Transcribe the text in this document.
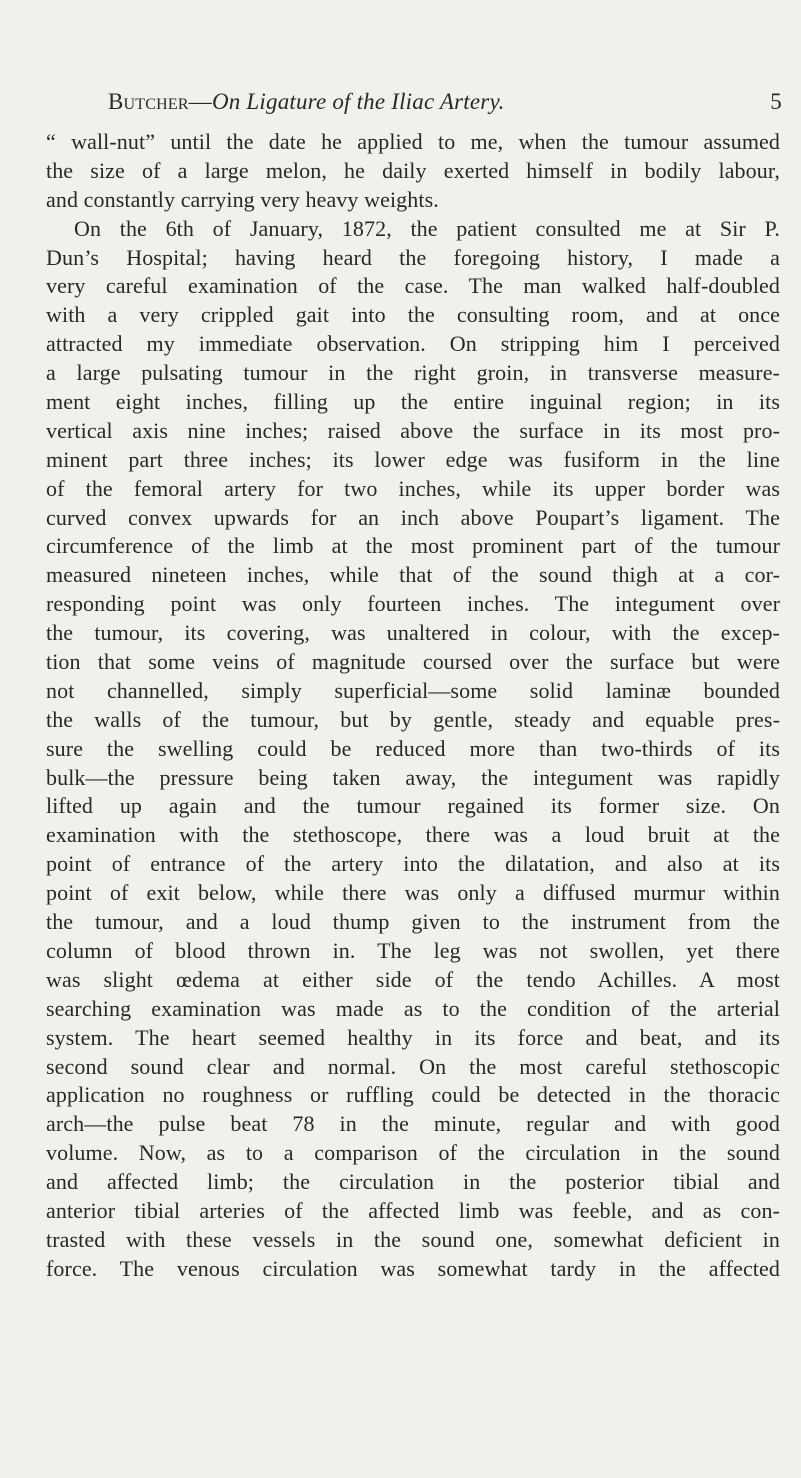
Butcher—On Ligature of the Iliac Artery.	5
“ wall-nut” until the date he applied to me, when the tumour assumed
the size of a large melon, he daily exerted himself in bodily labour,
and constantly carrying very heavy weights.
On the 6th of January, 1872, the patient consulted me at Sir P.
Dun’s Hospital; having heard the foregoing history, I made a
very careful examination of the case. The man walked half-doubled
with a very crippled gait into the consulting room, and at once
attracted my immediate observation. On stripping him I perceived
a large pulsating tumour in the right groin, in transverse measure-
ment eight inches, filling up the entire inguinal region; in its
vertical axis nine inches; raised above the surface in its most pro-
minent part three inches; its lower edge was fusiform in the line
of the femoral artery for two inches, while its upper border was
curved convex upwards for an inch above Poupart’s ligament. The
circumference of the limb at the most prominent part of the tumour
measured nineteen inches, while that of the sound thigh at a cor-
responding point was only fourteen inches. The integument over
the tumour, its covering, was unaltered in colour, with the excep-
tion that some veins of magnitude coursed over the surface but were
not channelled, simply superficial—some solid laminæ bounded
the walls of the tumour, but by gentle, steady and equable pres-
sure the swelling could be reduced more than two-thirds of its
bulk—the pressure being taken away, the integument was rapidly
lifted up again and the tumour regained its former size. On
examination with the stethoscope, there was a loud bruit at the
point of entrance of the artery into the dilatation, and also at its
point of exit below, while there was only a diffused murmur within
the tumour, and a loud thump given to the instrument from the
column of blood thrown in. The leg was not swollen, yet there
was slight œdema at either side of the tendo Achilles. A most
searching examination was made as to the condition of the arterial
system. The heart seemed healthy in its force and beat, and its
second sound clear and normal. On the most careful stethoscopic
application no roughness or ruffling could be detected in the thoracic
arch—the pulse beat 78 in the minute, regular and with good
volume. Now, as to a comparison of the circulation in the sound
and affected limb; the circulation in the posterior tibial and
anterior tibial arteries of the affected limb was feeble, and as con-
trasted with these vessels in the sound one, somewhat deficient in
force. The venous circulation was somewhat tardy in the affected
